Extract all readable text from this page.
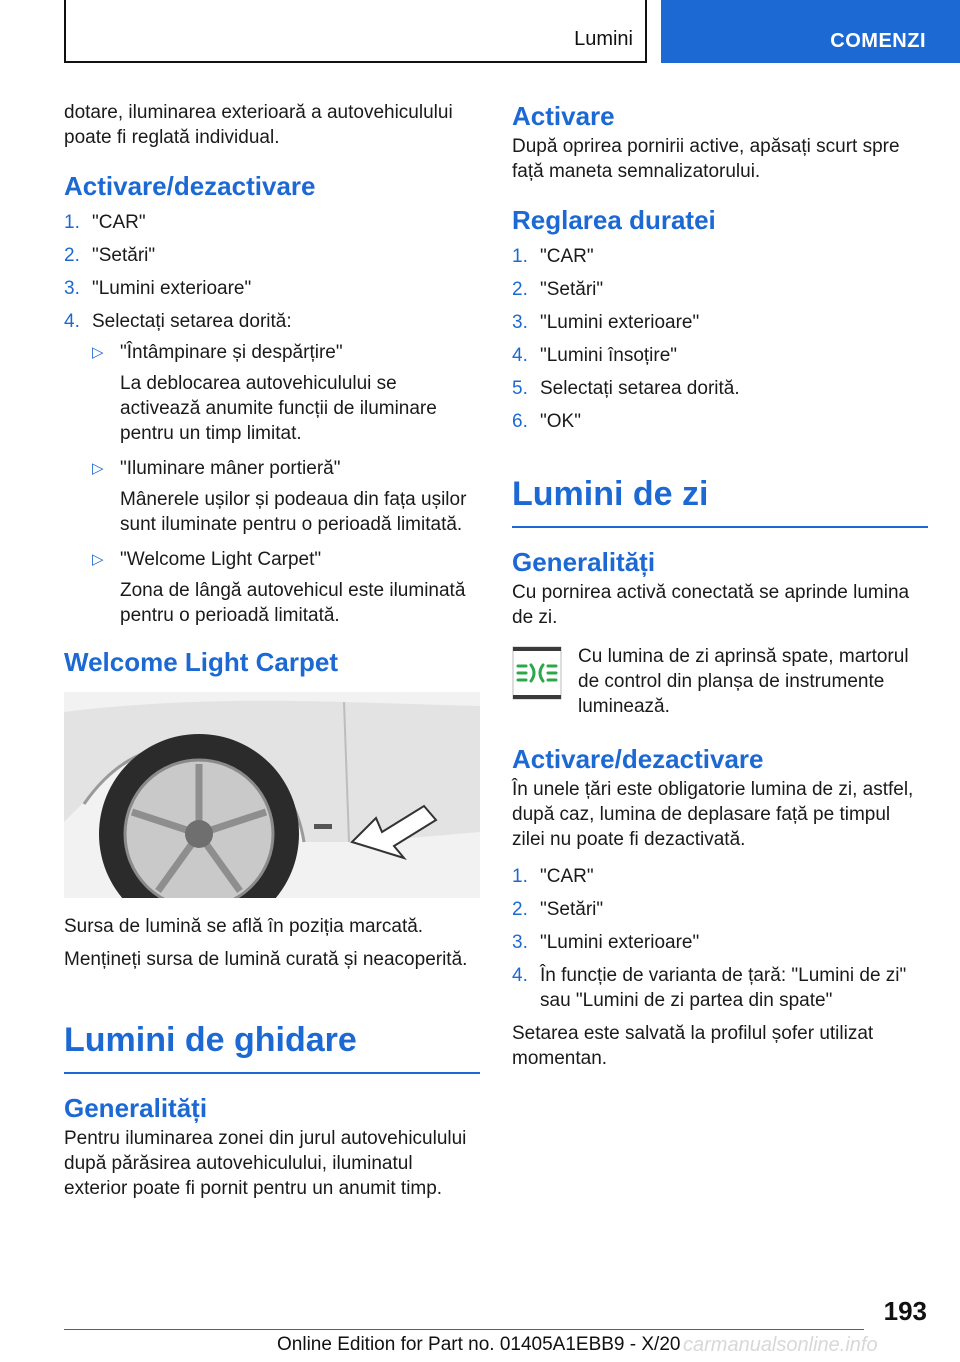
Lumini	COMENZI

dotare, iluminarea exterioară a autovehiculului poate fi reglată individual.

Activare/dezactivare
1. "CAR"
2. "Setări"
3. "Lumini exterioare"
4. Selectați setarea dorită:
▷ "Întâmpinare și despărțire"
La deblocarea autovehiculului se activează anumite funcții de iluminare pentru un timp limitat.
▷ "Iluminare mâner portieră"
Mânerele ușilor și podeaua din fața ușilor sunt iluminate pentru o perioadă limitată.
▷ "Welcome Light Carpet"
Zona de lângă autovehicul este iluminată pentru o perioadă limitată.
Welcome Light Carpet

Sursa de lumină se află în poziția marcată.

Mențineți sursa de lumină curată și neacoperită.

Lumini de ghidare
Generalități

Pentru iluminarea zonei din jurul autovehiculului după părăsirea autovehiculului, iluminatul exterior poate fi pornit pentru un anumit timp.

Activare

După oprirea pornirii active, apăsați scurt spre față maneta semnalizatorului.

Reglarea duratei
1. "CAR"
2. "Setări"
3. "Lumini exterioare"
4. "Lumini însoțire"
5. Selectați setarea dorită.
6. "OK"
Lumini de zi
Generalități

Cu pornirea activă conectată se aprinde lumina de zi.

Cu lumina de zi aprinsă spate, martorul de control din planșa de instrumente luminează.

Activare/dezactivare

În unele țări este obligatorie lumina de zi, astfel, după caz, lumina de deplasare față pe timpul zilei nu poate fi dezactivată.

1. "CAR"
2. "Setări"
3. "Lumini exterioare"
4. În funcție de varianta de țară: "Lumini de zi" sau "Lumini de zi partea din spate"

Setarea este salvată la profilul șofer utilizat momentan.

193
Online Edition for Part no. 01405A1EBB9 - X/20 carmanualsonline.info
